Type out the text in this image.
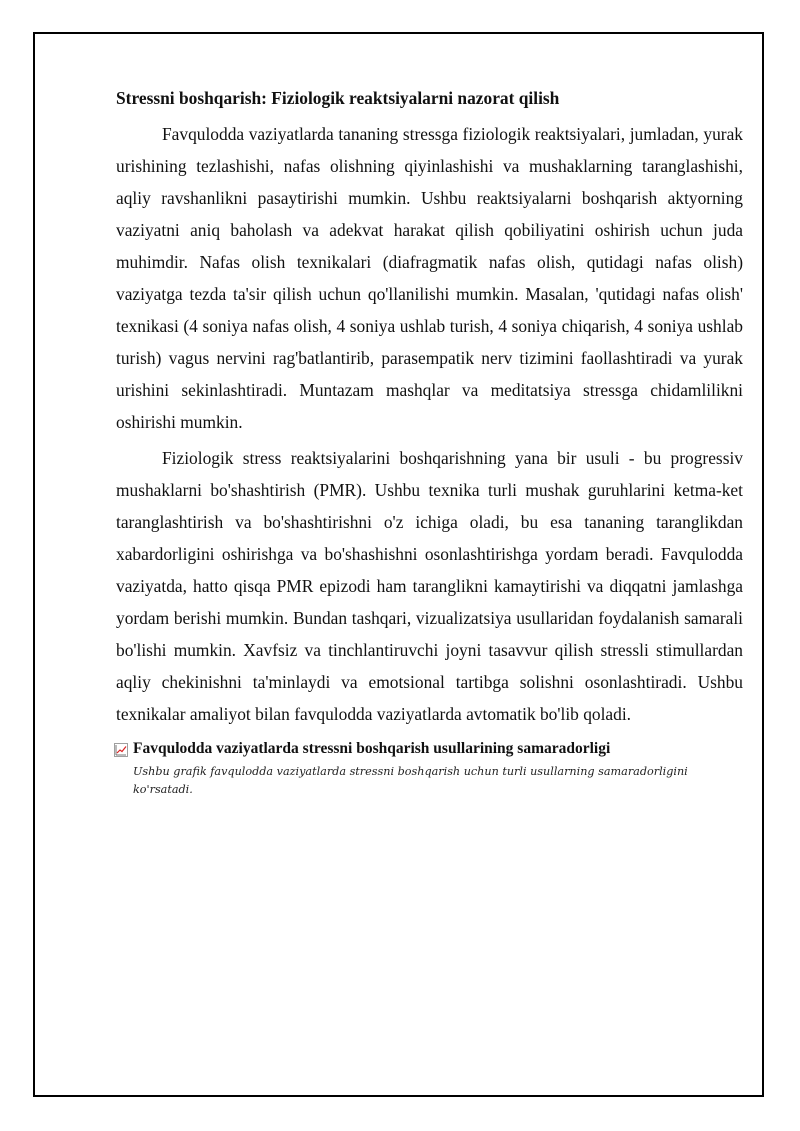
Stressni boshqarish: Fiziologik reaktsiyalarni nazorat qilish

Favqulodda vaziyatlarda tananing stressga fiziologik reaktsiyalari, jumladan, yurak urishining tezlashishi, nafas olishning qiyinlashishi va mushaklarning taranglashishi, aqliy ravshanlikni pasaytirishi mumkin. Ushbu reaktsiyalarni boshqarish aktyorning vaziyatni aniq baholash va adekvat harakat qilish qobiliyatini oshirish uchun juda muhimdir. Nafas olish texnikalari (diafragmatik nafas olish, qutidagi nafas olish) vaziyatga tezda ta'sir qilish uchun qo'llanilishi mumkin. Masalan, 'qutidagi nafas olish' texnikasi (4 soniya nafas olish, 4 soniya ushlab turish, 4 soniya chiqarish, 4 soniya ushlab turish) vagus nervini rag'batlantirib, parasempatik nerv tizimini faollashtiradi va yurak urishini sekinlashtiradi. Muntazam mashqlar va meditatsiya stressga chidamlilikni oshirishi mumkin.

Fiziologik stress reaktsiyalarini boshqarishning yana bir usuli - bu progressiv mushaklarni bo'shashtirish (PMR). Ushbu texnika turli mushak guruhlarini ketma-ket taranglashtirish va bo'shashtirishni o'z ichiga oladi, bu esa tananing taranglikdan xabardorligini oshirishga va bo'shashishni osonlashtirishga yordam beradi. Favqulodda vaziyatda, hatto qisqa PMR epizodi ham taranglikni kamaytirishi va diqqatni jamlashga yordam berishi mumkin. Bundan tashqari, vizualizatsiya usullaridan foydalanish samarali bo'lishi mumkin. Xavfsiz va tinchlantiruvchi joyni tasavvur qilish stressli stimullardan aqliy chekinishni ta'minlaydi va emotsional tartibga solishni osonlashtiradi. Ushbu texnikalar amaliyot bilan favqulodda vaziyatlarda avtomatik bo'lib qoladi.

Favqulodda vaziyatlarda stressni boshqarish usullarining samaradorligi
Ushbu grafik favqulodda vaziyatlarda stressni boshqarish uchun turli usullarning samaradorligini ko'rsatadi.
